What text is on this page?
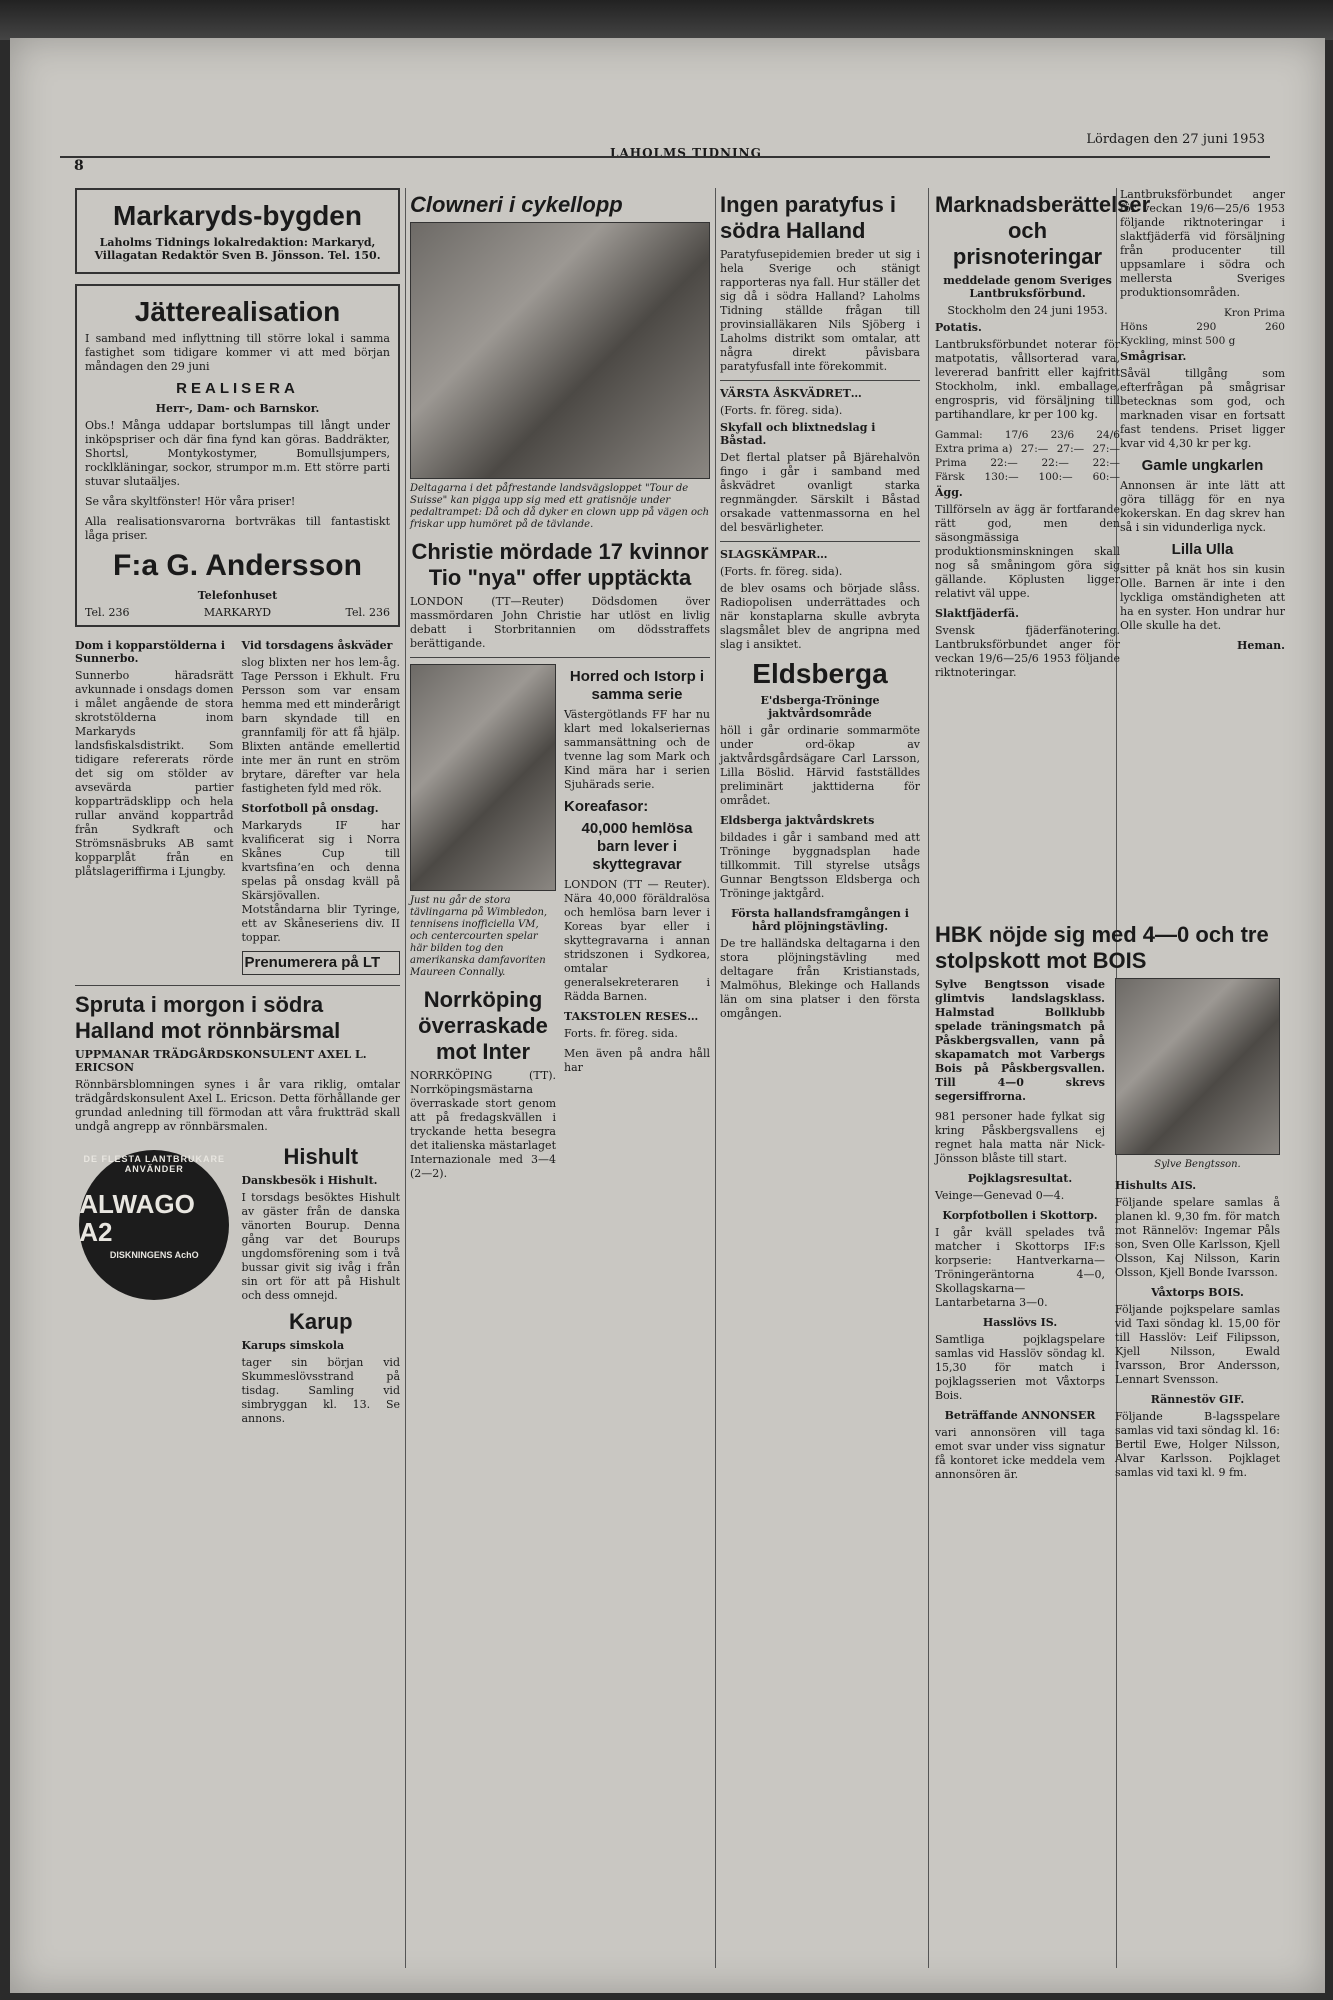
Lördagen den 27 juni 1953
LAHOLMS TIDNING
8
Markaryds-bygden
Laholms Tidnings lokalredaktion: Markaryd, Villagatan Redaktör Sven B. Jönsson. Tel. 150.
Jätterealisation

I samband med inflyttning till större lokal i samma fastighet som tidigare kommer vi att med början måndagen den 29 juni

REALISERA
Herr-, Dam- och Barnskor.

Obs.! Många uddapar bortslumpas till långt under inköpspriser och där fina fynd kan göras. Baddräkter, Shortsl, Montykostymer, Bomullsjumpers, rocklkläningar, sockor, strumpor m.m. Ett större parti stuvar slutaäljes.

Se våra skyltfönster! Hör våra priser!

Alla realisationsvarorna bortvräkas till fantastiskt låga priser.

F:a G. Andersson
Telefonhuset
Tel. 236	MARKARYD	Tel. 236
Dom i kopparstölderna i Sunnerbo.

Sunnerbo häradsrätt avkunnade i onsdags domen i målet angående de stora skrotstölderna inom Markaryds landsfiskalsdistrikt. Som tidigare refererats rörde det sig om stölder av avsevärda partier kopparträdsklipp och hela rullar använd koppartråd från Sydkraft och Strömsnäsbruks AB samt kopparplåt från en plåtslageriffirma i Ljungby.

Vid torsdagens åskväder

slog blixten ner hos lem-åg. Tage Persson i Ekhult. Fru Persson som var ensam hemma med ett minderårigt barn skyndade till en grannfamilj för att få hjälp. Blixten antände emellertid inte mer än runt en ström brytare, därefter var hela fastigheten fyld med rök.

Storfotboll på onsdag.

Markaryds IF har kvalificerat sig i Norra Skånes Cup till kvartsfina’en och denna spelas på onsdag kväll på Skärsjövallen. Motståndarna blir Tyringe, ett av Skåneseriens div. II toppar.

Prenumerera på LT
Spruta i morgon i södra Halland mot rönnbärsmal
UPPMANAR TRÄDGÅRDSKONSULENT AXEL L. ERICSON

Rönnbärsblomningen synes i år vara riklig, omtalar trädgårdskonsulent Axel L. Ericson. Detta förhållande ger grundad anledning till förmodan att våra fruktträd skall undgå angrepp av rönnbärsmalen.

DE FLESTA LANTBRUKARE ANVÄNDER
ALWAGO A2
DISKNINGENS AchO
Hishult
Danskbesök i Hishult.

I torsdags besöktes Hishult av gäster från de danska vänorten Bourup. Denna gång var det Bourups ungdomsförening som i två bussar givit sig ivåg i från sin ort för att på Hishult och dess omnejd.

Karup
Karups simskola

tager sin början vid Skummeslövsstrand på tisdag. Samling vid simbryggan kl. 13. Se annons.

Clowneri i cykellopp
Deltagarna i det påfrestande landsvägsloppet "Tour de Suisse" kan pigga upp sig med ett gratisnöje under pedaltrampet: Då och då dyker en clown upp på vägen och friskar upp humöret på de tävlande.
Christie mördade 17 kvinnor Tio "nya" offer upptäckta

LONDON (TT—Reuter) Dödsdomen över massmördaren John Christie har utlöst en livlig debatt i Storbritannien om dödsstraffets berättigande.

Just nu går de stora tävlingarna på Wimbledon, tennisens inofficiella VM, och centercourten spelar här bilden tog den amerikanska damfavoriten Maureen Connally.
Norrköping överraskade mot Inter

NORRKÖPING (TT). Norrköpingsmästarna överraskade stort genom att på fredagskvällen i tryckande hetta besegra det italienska mästarlaget Internazionale med 3—4 (2—2).

Horred och Istorp i samma serie

Västergötlands FF har nu klart med lokalseriernas sammansättning och de tvenne lag som Mark och Kind mära har i serien Sjuhärads serie.

Koreafasor:
40,000 hemlösa barn lever i skyttegravar

LONDON (TT — Reuter). Nära 40,000 föräldralösa och hemlösa barn lever i Koreas byar eller i skyttegravarna i annan stridszonen i Sydkorea, omtalar generalsekreteraren i Rädda Barnen.

TAKSTOLEN RESES…

Forts. fr. föreg. sida.

Men även på andra håll har

Ingen paratyfus i södra Halland

Paratyfusepidemien breder ut sig i hela Sverige och stänigt rapporteras nya fall. Hur ställer det sig då i södra Halland? Laholms Tidning ställde frågan till provinsialläkaren Nils Sjöberg i Laholms distrikt som omtalar, att några direkt påvisbara paratyfusfall inte förekommit.

VÄRSTA ÅSKVÄDRET…
(Forts. fr. föreg. sida).
Skyfall och blixtnedslag i Båstad.

Det flertal platser på Bjärehalvön fingo i går i samband med åskvädret ovanligt starka regnmängder. Särskilt i Båstad orsakade vattenmassorna en hel del besvärligheter.

SLAGSKÄMPAR…
(Forts. fr. föreg. sida).

de blev osams och började slåss. Radiopolisen underrättades och när konstaplarna skulle avbryta slagsmålet blev de angripna med slag i ansiktet.

Eldsberga
E'dsberga-Tröninge jaktvårdsområde

höll i går ordinarie sommarmöte under ord-ökap av jaktvårdsgårdsägare Carl Larsson, Lilla Böslid. Härvid fastställdes preliminärt jakttiderna för området.

Eldsberga jaktvårdskrets

bildades i går i samband med att Tröninge byggnadsplan hade tillkommit. Till styrelse utsågs Gunnar Bengtsson Eldsberga och Tröninge jaktgård.

Första hallandsframgången i hård plöjningstävling.

De tre halländska deltagarna i den stora plöjningstävling med deltagare från Kristianstads, Malmöhus, Blekinge och Hallands län om sina platser i den första omgången.

Marknadsberättelser och prisnoteringar
meddelade genom Sveriges Lantbruksförbund.
Stockholm den 24 juni 1953.
Potatis.

Lantbruksförbundet noterar för matpotatis, vållsorterad vara, levererad banfritt eller kajfritt Stockholm, inkl. emballage, engrospris, vid försäljning till partihandlare, kr per 100 kg.

Gammal: 17/6 23/6 24/6
Extra prima a) 27:— 27:— 27:—
Prima 22:— 22:— 22:—
Färsk 130:— 100:— 60:—
Ägg.

Tillförseln av ägg är fortfarande rätt god, men den säsongmässiga produktionsminskningen skall nog så småningom göra sig gällande. Köplusten ligger relativt väl uppe.

Slaktfjäderfä.

Svensk fjäderfänotering. Lantbruksförbundet anger för veckan 19/6—25/6 1953 följande riktnoteringar.

HBK nöjde sig med 4—0 och tre stolpskott mot BOIS

Sylve Bengtsson visade glimtvis landslagsklass. Halmstad Bollklubb spelade träningsmatch på Påskbergsvallen, vann på skapamatch mot Varbergs Bois på Påskbergsvallen. Till 4—0 skrevs segersiffrorna.

981 personer hade fylkat sig kring Påskbergsvallens ej regnet hala matta när Nick-Jönsson blåste till start.

Pojklagsresultat.

Veinge—Genevad 0—4.

Korpfotbollen i Skottorp.

I går kväll spelades två matcher i Skottorps IF:s korpserie: Hantverkarna—Tröningeräntorna 4—0, Skollagskarna—Lantarbetarna 3—0.

Hasslövs IS.

Samtliga pojklagspelare samlas vid Hasslöv söndag kl. 15,30 för match i pojklagsserien mot Våxtorps Bois.

Beträffande ANNONSER

vari annonsören vill taga emot svar under viss signatur få kontoret icke meddela vem annonsören är.

Sylve Bengtsson.
Hishults AIS.

Följande spelare samlas å planen kl. 9,30 fm. för match mot Rännelöv: Ingemar Påls son, Sven Olle Karlsson, Kjell Olsson, Kaj Nilsson, Karin Olsson, Kjell Bonde Ivarsson.

Våxtorps BOIS.

Följande pojkspelare samlas vid Taxi söndag kl. 15,00 för till Hasslöv: Leif Filipsson, Kjell Nilsson, Ewald Ivarsson, Bror Andersson, Lennart Svensson.

Rännestöv GIF.

Följande B-lagsspelare samlas vid taxi söndag kl. 16: Bertil Ewe, Holger Nilsson, Alvar Karlsson. Pojklaget samlas vid taxi kl. 9 fm.

Lantbruksförbundet anger för veckan 19/6—25/6 1953 följande riktnoteringar i slaktfjäderfä vid försäljning från producenter till uppsamlare i södra och mellersta Sveriges produktionsområden.

Kron Prima
Höns	290	260
Kyckling, minst 500 g
Smågrisar.

Såväl tillgång som efterfrågan på smågrisar betecknas som god, och marknaden visar en fortsatt fast tendens. Priset ligger kvar vid 4,30 kr per kg.

Gamle ungkarlen

Annonsen är inte lätt att göra tillägg för en nya kokerskan. En dag skrev han så i sin vidunderliga nyck.

Lilla Ulla

sitter på knät hos sin kusin Olle. Barnen är inte i den lyckliga omständigheten att ha en syster. Hon undrar hur Olle skulle ha det.

Heman.
